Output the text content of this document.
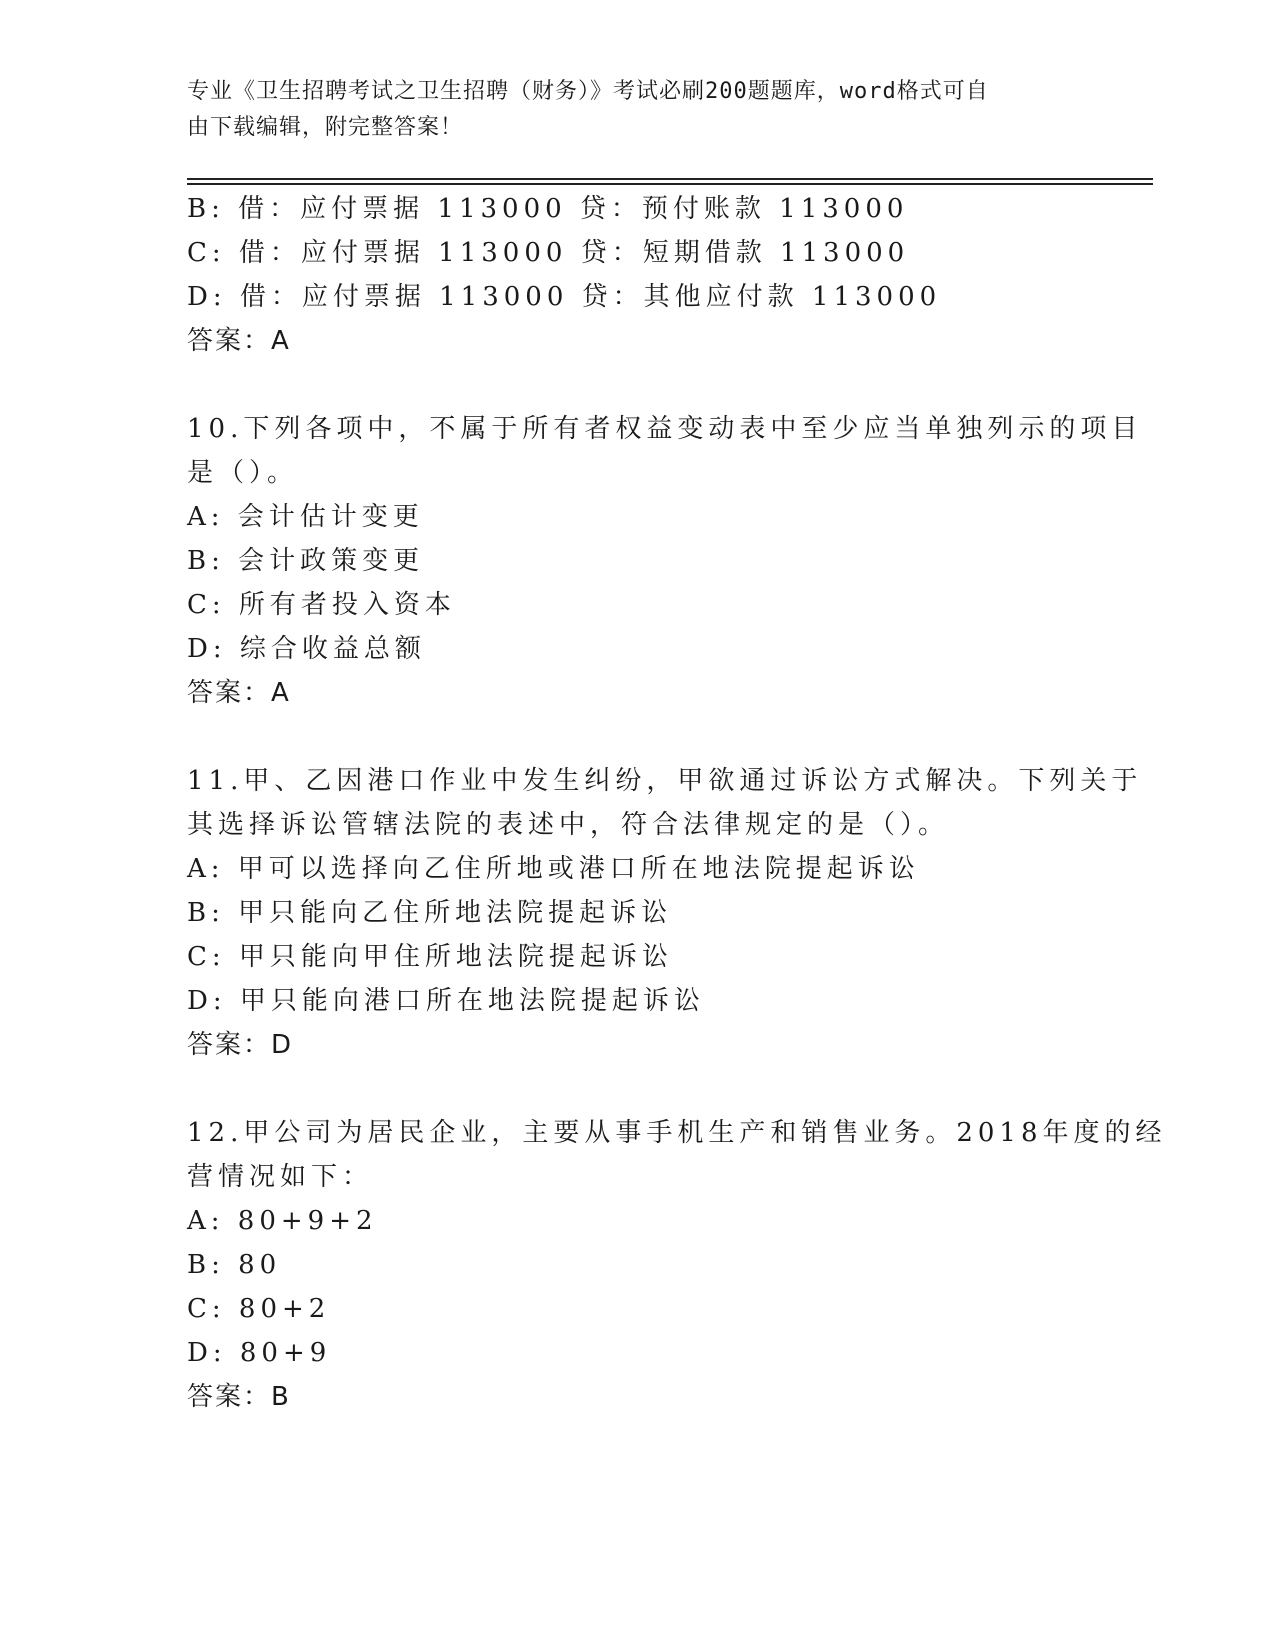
专业《卫生招聘考试之卫生招聘（财务）》考试必刷200题题库，word格式可自
由下载编辑，附完整答案！
B: 借：应付票据 113000 贷：预付账款 113000
C: 借：应付票据 113000 贷：短期借款 113000
D: 借：应付票据 113000 贷：其他应付款 113000
答案：A
10.下列各项中，不属于所有者权益变动表中至少应当单独列示的项目
是（）。
A: 会计估计变更
B: 会计政策变更
C: 所有者投入资本
D: 综合收益总额
答案：A
11.甲、乙因港口作业中发生纠纷，甲欲通过诉讼方式解决。下列关于
其选择诉讼管辖法院的表述中，符合法律规定的是（）。
A: 甲可以选择向乙住所地或港口所在地法院提起诉讼
B: 甲只能向乙住所地法院提起诉讼
C: 甲只能向甲住所地法院提起诉讼
D: 甲只能向港口所在地法院提起诉讼
答案：D
12.甲公司为居民企业，主要从事手机生产和销售业务。2018年度的经
营情况如下：
A: 80+9+2
B: 80
C: 80+2
D: 80+9
答案：B
